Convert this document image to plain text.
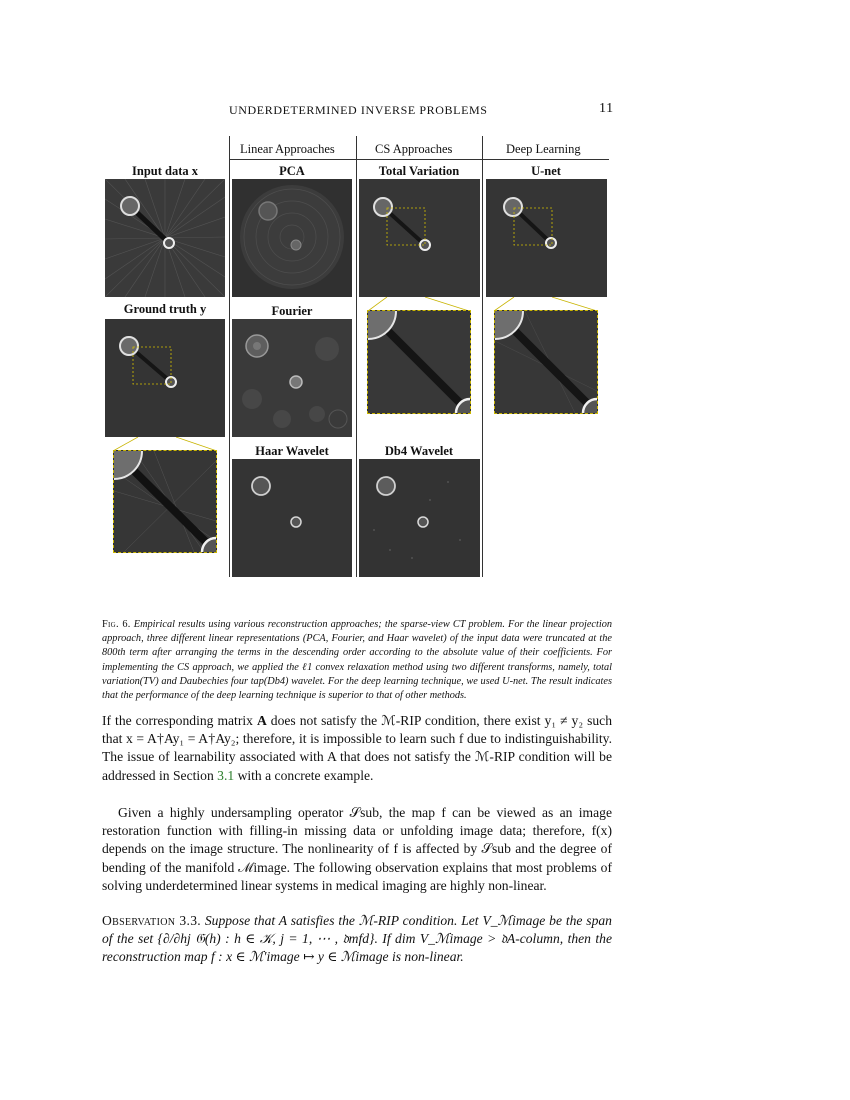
UNDERDETERMINED INVERSE PROBLEMS	11
Linear Approaches	CS Approaches	Deep Learning
Input data x	PCA	Total Variation	U-net
Ground truth y	Fourier
Haar Wavelet	Db4 Wavelet
Fig. 6. Empirical results using various reconstruction approaches; the sparse-view CT problem. For the linear projection approach, three different linear representations (PCA, Fourier, and Haar wavelet) of the input data were truncated at the 800th term after arranging the terms in the descending order according to the absolute value of their coefficients. For implementing the CS approach, we applied the ℓ1 convex relaxation method using two different transforms, namely, total variation(TV) and Daubechies four tap(Db4) wavelet. For the deep learning technique, we used U-net. The result indicates that the performance of the deep learning technique is superior to that of other methods.
If the corresponding matrix A does not satisfy the ℳ-RIP condition, there exist y₁ ≠ y₂ such that x = A†Ay₁ = A†Ay₂; therefore, it is impossible to learn such f due to indistinguishability. The issue of learnability associated with A that does not satisfy the ℳ-RIP condition will be addressed in Section 3.1 with a concrete example.
Given a highly undersampling operator 𝒮sub, the map f can be viewed as an image restoration function with filling-in missing data or unfolding image data; therefore, f(x) depends on the image structure. The nonlinearity of f is affected by 𝒮sub and the degree of bending of the manifold ℳimage. The following observation explains that most problems of solving underdetermined linear systems in medical imaging are highly non-linear.
Observation 3.3. Suppose that A satisfies the ℳ-RIP condition. Let V_ℳimage be the span of the set {∂/∂hj 𝔊(h) : h ∈ 𝒦, j = 1, ⋯ , 𝔡mfd}. If dim V_ℳimage > 𝔡A-column, then the reconstruction map f : x ∈ ℳ′image ↦ y ∈ ℳimage is non-linear.
